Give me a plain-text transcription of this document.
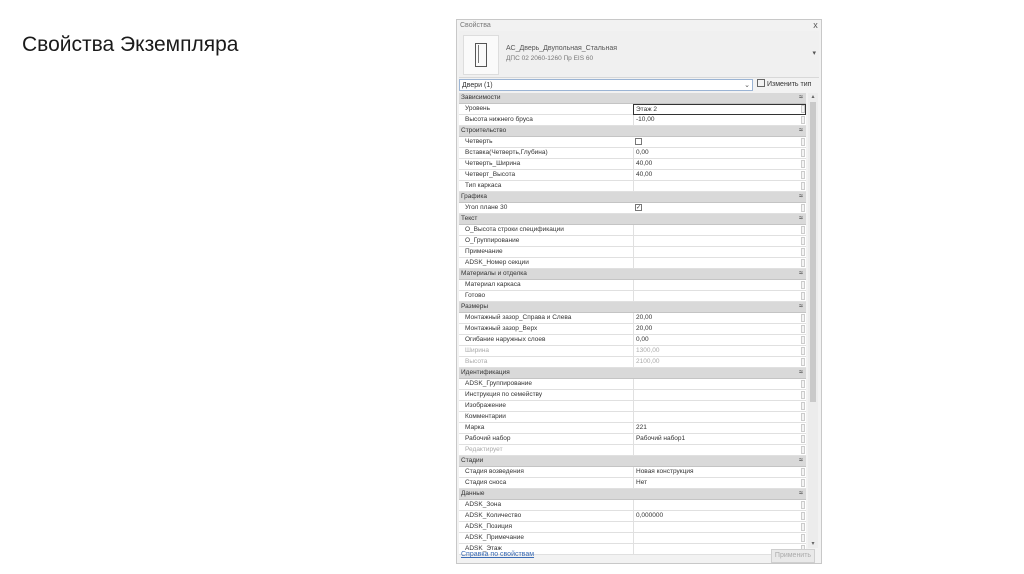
Свойства Экземпляра
Свойства	x
АС_Дверь_Двупольная_Стальная
ДПС 02 2060-1260 Пр EIS 60
▾
Двери (1)	⌄	Изменить тип
Зависимости	≈
Уровень	Этаж 2
Высота нижнего бруса	-10,00
Строительство	≈
Четверть
Вставка(Четверть,Глубина)	0,00
Четверть_Ширина	40,00
Четверт_Высота	40,00
Тип каркаса
Графика	≈
Угол плане 30	✓
Текст	≈
О_Высота строки спецификации
О_Группирование
Примечание
ADSK_Номер секции
Материалы и отделка	≈
Материал каркаса
Готово
Размеры	≈
Монтажный зазор_Справа и Слева	20,00
Монтажный зазор_Верх	20,00
Огибание наружных слоев	0,00
Ширина	1300,00
Высота	2100,00
Идентификация	≈
ADSK_Группирование
Инструкция по семейству
Изображение
Комментарии
Марка	221
Рабочий набор	Рабочий набор1
Редактирует
Стадии	≈
Стадия возведения	Новая конструкция
Стадия сноса	Нет
Данные	≈
ADSK_Зона
ADSK_Количество	0,000000
ADSK_Позиция
ADSK_Примечание
ADSK_Этаж
▴
▾
Справка по свойствам	Применить
